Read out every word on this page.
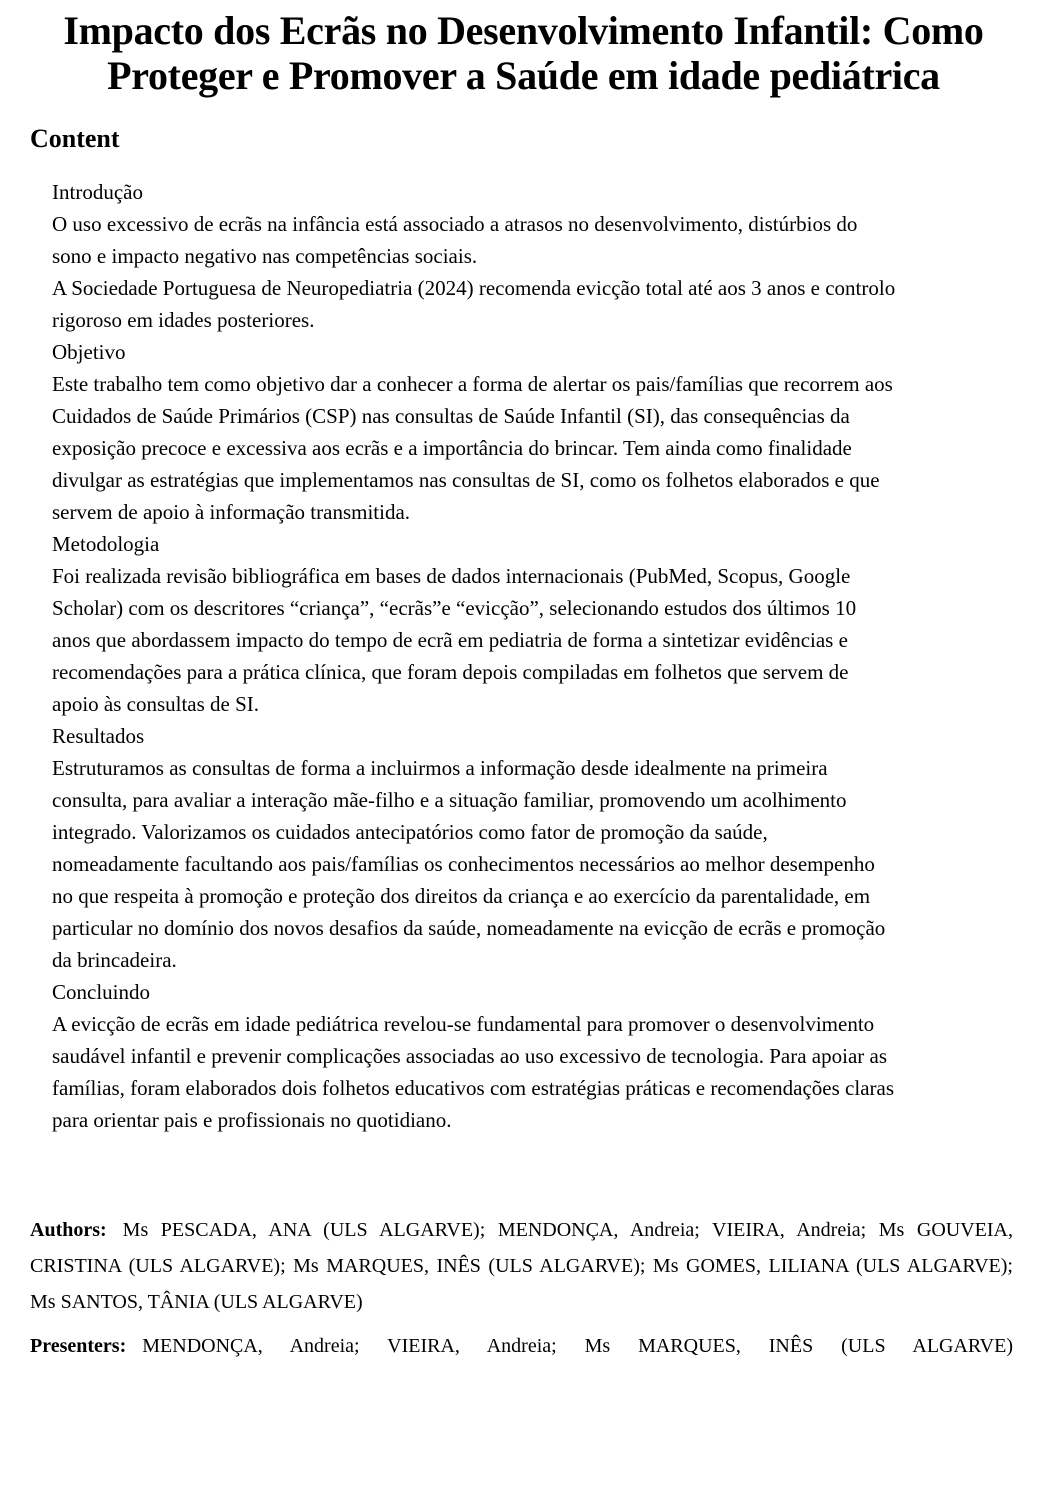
Impacto dos Ecrãs no Desenvolvimento Infantil: Como Proteger e Promover a Saúde em idade pediátrica
Content
Introdução
O uso excessivo de ecrãs na infância está associado a atrasos no desenvolvimento, distúrbios do sono e impacto negativo nas competências sociais.
A Sociedade Portuguesa de Neuropediatria (2024) recomenda evicção total até aos 3 anos e controlo rigoroso em idades posteriores.
Objetivo
Este trabalho tem como objetivo dar a conhecer a forma de alertar os pais/famílias que recorrem aos Cuidados de Saúde Primários (CSP) nas consultas de Saúde Infantil (SI), das consequências da exposição precoce e excessiva aos ecrãs e a importância do brincar. Tem ainda como finalidade divulgar as estratégias que implementamos nas consultas de SI, como os folhetos elaborados e que servem de apoio à informação transmitida.
Metodologia
Foi realizada revisão bibliográfica em bases de dados internacionais (PubMed, Scopus, Google Scholar) com os descritores “criança”, “ecrãs”e “evicção”, selecionando estudos dos últimos 10 anos que abordassem impacto do tempo de ecrã em pediatria de forma a sintetizar evidências e recomendações para a prática clínica, que foram depois compiladas em folhetos que servem de apoio às consultas de SI.
Resultados
Estruturamos as consultas de forma a incluirmos a informação desde idealmente na primeira consulta, para avaliar a interação mãe-filho e a situação familiar, promovendo um acolhimento integrado. Valorizamos os cuidados antecipatórios como fator de promoção da saúde, nomeadamente facultando aos pais/famílias os conhecimentos necessários ao melhor desempenho no que respeita à promoção e proteção dos direitos da criança e ao exercício da parentalidade, em particular no domínio dos novos desafios da saúde, nomeadamente na evicção de ecrãs e promoção da brincadeira.
Concluindo
A evicção de ecrãs em idade pediátrica revelou-se fundamental para promover o desenvolvimento saudável infantil e prevenir complicações associadas ao uso excessivo de tecnologia. Para apoiar as famílias, foram elaborados dois folhetos educativos com estratégias práticas e recomendações claras para orientar pais e profissionais no quotidiano.

Authors: Ms PESCADA, ANA (ULS ALGARVE); MENDONÇA, Andreia; VIEIRA, Andreia; Ms GOUVEIA, CRISTINA (ULS ALGARVE); Ms MARQUES, INÊS (ULS ALGARVE); Ms GOMES, LILIANA (ULS ALGARVE); Ms SANTOS, TÂNIA (ULS ALGARVE)

Presenters: MENDONÇA, Andreia; VIEIRA, Andreia; Ms MARQUES, INÊS (ULS ALGARVE)
